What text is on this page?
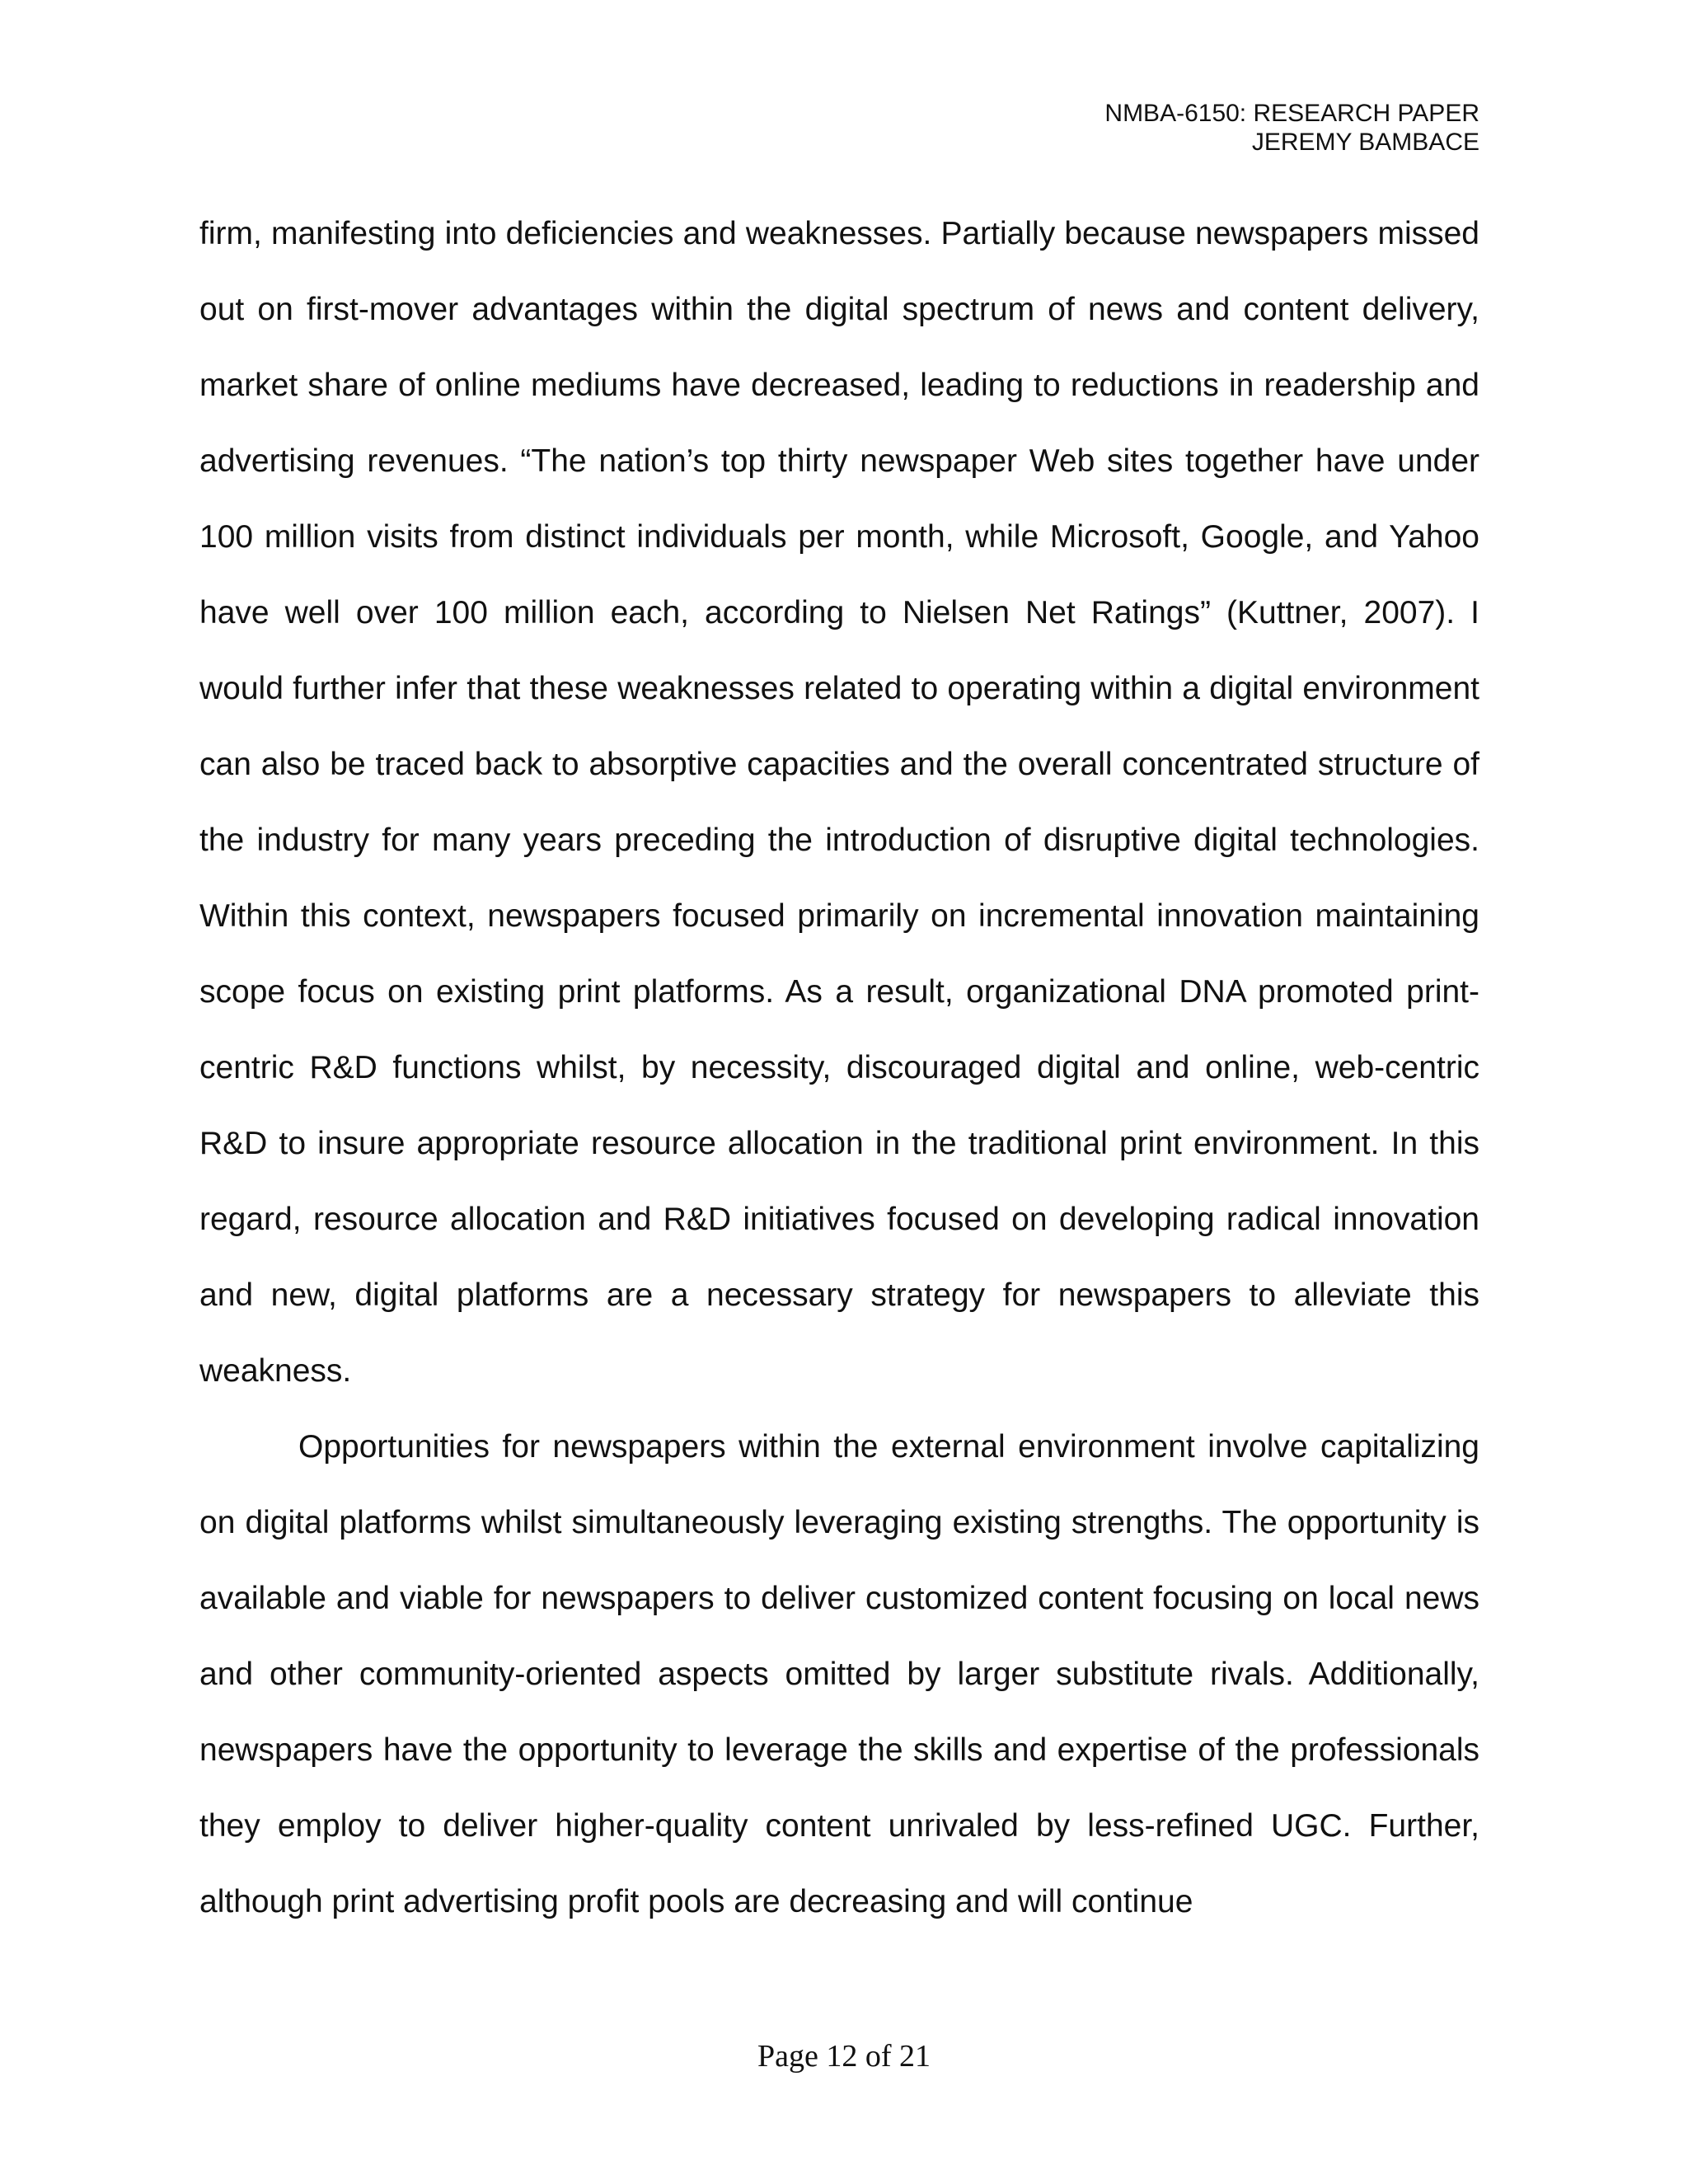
NMBA-6150: RESEARCH PAPER
JEREMY BAMBACE

firm, manifesting into deficiencies and weaknesses. Partially because newspapers missed out on first-mover advantages within the digital spectrum of news and content delivery, market share of online mediums have decreased, leading to reductions in readership and advertising revenues. “The nation’s top thirty newspaper Web sites together have under 100 million visits from distinct individuals per month, while Microsoft, Google, and Yahoo have well over 100 million each, according to Nielsen Net Ratings” (Kuttner, 2007). I would further infer that these weaknesses related to operating within a digital environment can also be traced back to absorptive capacities and the overall concentrated structure of the industry for many years preceding the introduction of disruptive digital technologies. Within this context, newspapers focused primarily on incremental innovation maintaining scope focus on existing print platforms. As a result, organizational DNA promoted print-centric R&D functions whilst, by necessity, discouraged digital and online, web-centric R&D to insure appropriate resource allocation in the traditional print environment. In this regard, resource allocation and R&D initiatives focused on developing radical innovation and new, digital platforms are a necessary strategy for newspapers to alleviate this weakness.

Opportunities for newspapers within the external environment involve capitalizing on digital platforms whilst simultaneously leveraging existing strengths. The opportunity is available and viable for newspapers to deliver customized content focusing on local news and other community-oriented aspects omitted by larger substitute rivals. Additionally, newspapers have the opportunity to leverage the skills and expertise of the professionals they employ to deliver higher-quality content unrivaled by less-refined UGC. Further, although print advertising profit pools are decreasing and will continue

Page 12 of 21
